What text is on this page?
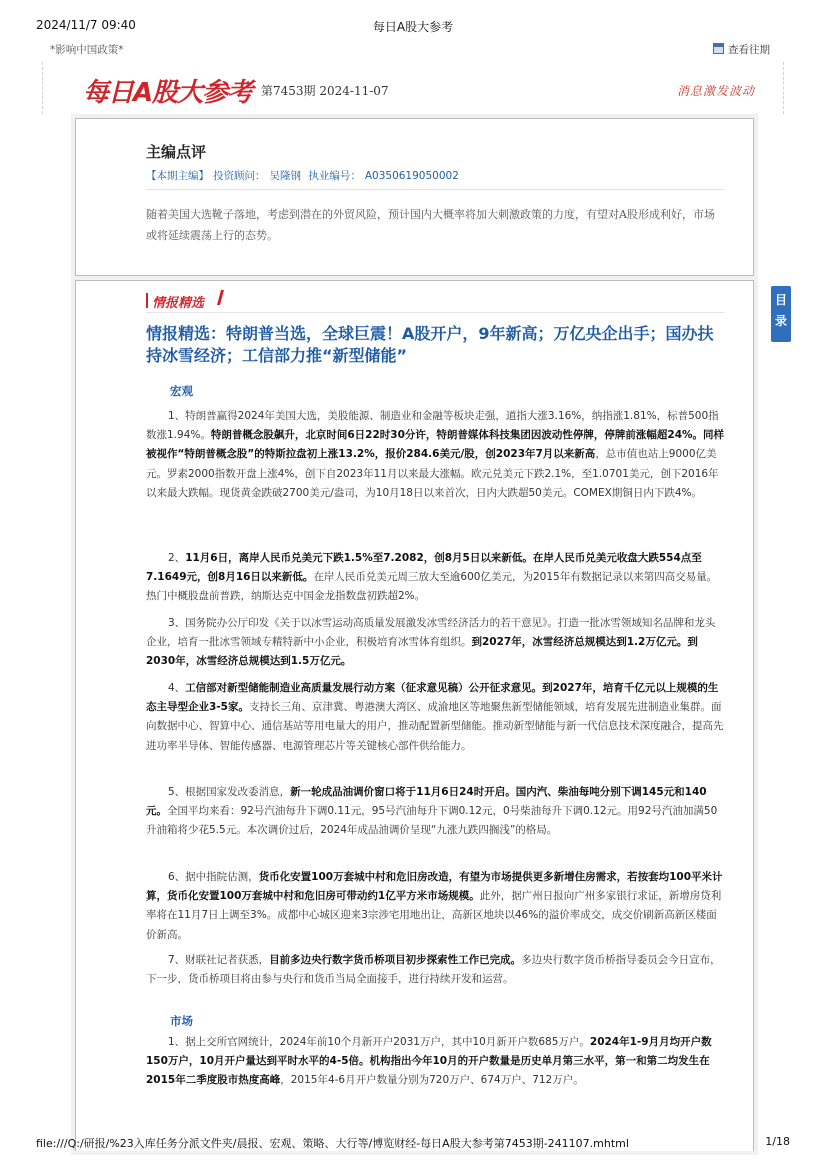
2024/11/7 09:40	每日A股大参考
*影响中国政策*	查看往期
每日A股大参考 第7453期 2024-11-07	消息激发波动
主编点评
【本期主编】 投资顾问： 吴隆钢 执业编号： A0350619050002
随着美国大选靴子落地，考虑到潜在的外贸风险，预计国内大概率将加大刺激政策的力度，有望对A股形成利好，市场或将延续震荡上行的态势。
情报精选
情报精选：特朗普当选，全球巨震！A股开户，9年新高；万亿央企出手；国办扶持冰雪经济；工信部力推“新型储能”
宏观

1、特朗普赢得2024年美国大选，美股能源、制造业和金融等板块走强，道指大涨3.16%，纳指涨1.81%，标普500指数涨1.94%。特朗普概念股飙升，北京时间6日22时30分许，特朗普媒体科技集团因波动性停牌，停牌前涨幅超24%。同样被视作“特朗普概念股”的特斯拉盘初上涨13.2%，报价284.6美元/股，创2023年7月以来新高，总市值也站上9000亿美元。罗素2000指数开盘上涨4%，创下自2023年11月以来最大涨幅。欧元兑美元下跌2.1%，至1.0701美元，创下2016年以来最大跌幅。现货黄金跌破2700美元/盎司，为10月18日以来首次，日内大跌超50美元。COMEX期铜日内下跌4%。

2、11月6日，离岸人民币兑美元下跌1.5%至7.2082，创8月5日以来新低。在岸人民币兑美元收盘大跌554点至7.1649元，创8月16日以来新低。在岸人民币兑美元周三放大至逾600亿美元，为2015年有数据记录以来第四高交易量。热门中概股盘前普跌，纳斯达克中国金龙指数盘初跌超2%。

3、国务院办公厅印发《关于以冰雪运动高质量发展激发冰雪经济活力的若干意见》。打造一批冰雪领域知名品牌和龙头企业，培育一批冰雪领域专精特新中小企业，积极培育冰雪体育组织。到2027年，冰雪经济总规模达到1.2万亿元。到2030年，冰雪经济总规模达到1.5万亿元。

4、工信部对新型储能制造业高质量发展行动方案（征求意见稿）公开征求意见。到2027年，培育千亿元以上规模的生态主导型企业3-5家。支持长三角、京津冀、粤港澳大湾区、成渝地区等地聚焦新型储能领域，培育发展先进制造业集群。面向数据中心、智算中心、通信基站等用电量大的用户，推动配置新型储能。推动新型储能与新一代信息技术深度融合，提高先进功率半导体、智能传感器、电源管理芯片等关键核心部件供给能力。

5、根据国家发改委消息，新一轮成品油调价窗口将于11月6日24时开启。国内汽、柴油每吨分别下调145元和140元。全国平均来看：92号汽油每升下调0.11元，95号汽油每升下调0.12元，0号柴油每升下调0.12元。用92号汽油加满50升油箱将少花5.5元。本次调价过后，2024年成品油调价呈现“九涨九跌四搁浅”的格局。

6、据中指院估测，货币化安置100万套城中村和危旧房改造，有望为市场提供更多新增住房需求，若按套均100平米计算，货币化安置100万套城中村和危旧房可带动约1亿平方米市场规模。此外，据广州日报向广州多家银行求证，新增房贷利率将在11月7日上调至3%。成都中心城区迎来3宗涉宅用地出让，高新区地块以46%的溢价率成交，成交价刷新高新区楼面价新高。

7、财联社记者获悉，目前多边央行数字货币桥项目初步探索性工作已完成。多边央行数字货币桥指导委员会今日宣布，下一步，货币桥项目将由参与央行和货币当局全面接手，进行持续开发和运营。

市场

1、据上交所官网统计，2024年前10个月新开户2031万户，其中10月新开户数685万户。2024年1-9月月均开户数150万户，10月开户量达到平时水平的4-5倍。机构指出今年10月的开户数量是历史单月第三水平，第一和第二均发生在2015年二季度股市热度高峰，2015年4-6月开户数量分别为720万户、674万户、712万户。

目录
file:///Q:/研报/%23入库任务分派文件夹/晨报、宏观、策略、大行等/博览财经-每日A股大参考第7453期-241107.mhtml	1/18
